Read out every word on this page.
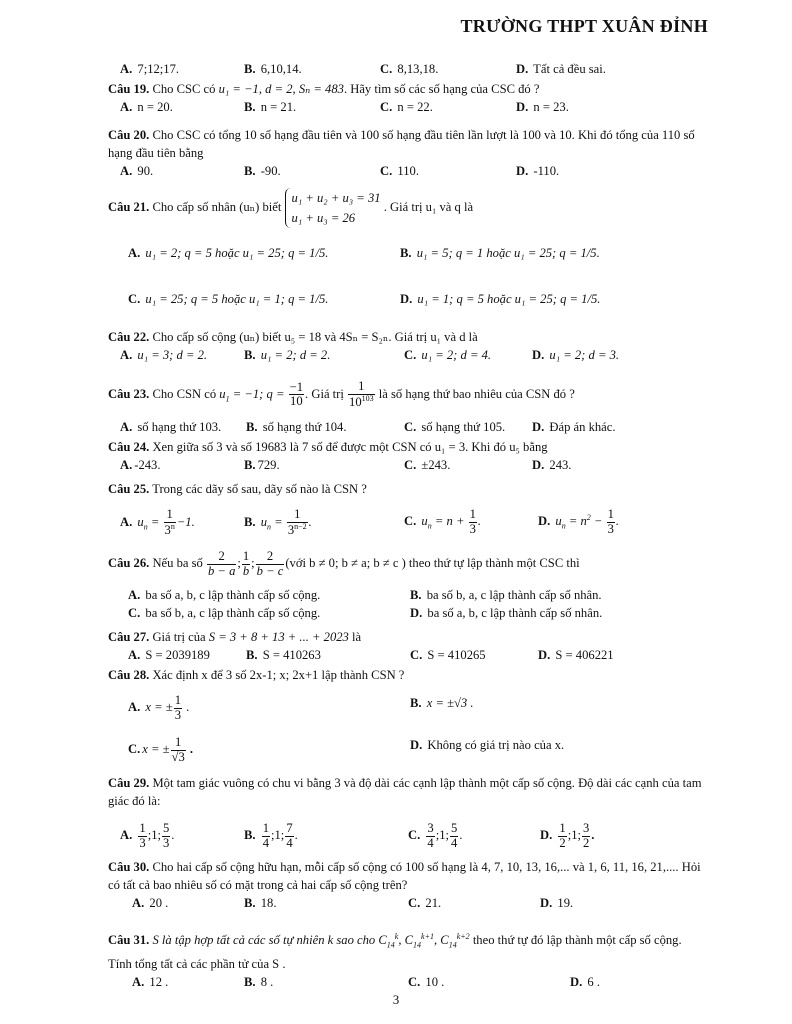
TRƯỜNG THPT XUÂN ĐỈNH
A. 7;12;17.	B. 6,10,14.	C. 8,13,18.	D. Tất cả đều sai.
Câu 19. Cho CSC có u₁ = −1, d = 2, Sₙ = 483. Hãy tìm số các số hạng của CSC đó ?
A. n = 20.	B. n = 21.	C. n = 22.	D. n = 23.
Câu 20. Cho CSC có tổng 10 số hạng đầu tiên và 100 số hạng đầu tiên lần lượt là 100 và 10. Khi đó tổng của 110 số hạng đầu tiên bằng
A. 90.	B. -90.	C. 110.	D. -110.
Câu 21. Cho cấp số nhân (uₙ) biết
u₁ + u₂ + u₃ = 31
u₁ + u₃ = 26
. Giá trị u₁ và q là
A. u₁ = 2; q = 5 hoặc u₁ = 25; q = 1/5.	B. u₁ = 5; q = 1 hoặc u₁ = 25; q = 1/5.
C. u₁ = 25; q = 5 hoặc u₁ = 1; q = 1/5.	D. u₁ = 1; q = 5 hoặc u₁ = 25; q = 1/5.
Câu 22. Cho cấp số cộng (uₙ) biết u₅ = 18 và 4Sₙ = S₂ₙ. Giá trị u₁ và d là
A. u₁ = 3; d = 2.	B. u₁ = 2; d = 2.	C. u₁ = 2; d = 4.	D. u₁ = 2; d = 3.
Câu 23. Cho CSN có $u_1 = -1$; $q = \frac{-1}{10}$ . Giá trị $\frac{1}{10^{103}}$ là số hạng thứ bao nhiêu của CSN đó ?
A. số hạng thứ 103. B. số hạng thứ 104.	C. số hạng thứ 105. D. Đáp án khác.
Câu 24. Xen giữa số 3 và số 19683 là 7 số để được một CSN có u₁ = 3. Khi đó u₅ bằng
A. -243.	B. 729.	C. ±243.	D. 243.
Câu 25. Trong các dãy số sau, dãy số nào là CSN ?
A. $u_n = \frac{1}{3^n} -1$.	B. $u_n = \frac{1}{3^{n-2}}$ .	C. $u_n = n + \frac{1}{3}$ .	D. $u_n = n^2 - \frac{1}{3}$ .
Câu 26. Nếu ba số $\frac{2}{b - a}$ ; $\frac{1}{b}$ ; $\frac{2}{b - c}$ (với b ≠ 0; b ≠ a; b ≠ c ) theo thứ tự lập thành một CSC thì
A. ba số a, b, c lập thành cấp số cộng.	B. ba số b, a, c lập thành cấp số nhân.
C. ba số b, a, c lập thành cấp số cộng.	D. ba số a, b, c lập thành cấp số nhân.
Câu 27. Giá trị của S = 3 + 8 + 13 + ... + 2023 là
A. S = 2039189	B. S = 410263	C. S = 410265	D. S = 406221
Câu 28. Xác định x để 3 số 2x-1; x; 2x+1 lập thành CSN ?
A. x = ± $\frac{1}{3}$ .	B. x = ±√3 .
C. x = ± $\frac{1}{√3}$ .	D. Không có giá trị nào của x.
Câu 29. Một tam giác vuông có chu vi bằng 3 và độ dài các cạnh lập thành một cấp số cộng. Độ dài các cạnh của tam giác đó là:
A. $\frac{1}{3}$ ;1; $\frac{5}{3}$ .	B. $\frac{1}{4}$ ;1; $\frac{7}{4}$ .	C. $\frac{3}{4}$ ;1; $\frac{5}{4}$ .	D. $\frac{1}{2}$ ;1; $\frac{3}{2}$ .
Câu 30. Cho hai cấp số cộng hữu hạn, mỗi cấp số cộng có 100 số hạng là 4, 7, 10, 13, 16,... và 1, 6, 11, 16, 21,.... Hỏi có tất cả bao nhiêu số có mặt trong cả hai cấp số cộng trên?
A. 20 .	B. 18.	C. 21.	D. 19.
Câu 31. S là tập hợp tất cả các số tự nhiên k sao cho $C_{14}^k$, $C_{14}^{k+1}$, $C_{14}^{k+2}$ theo thứ tự đó lập thành một cấp số cộng. Tính tổng tất cả các phần tử của S .
A. 12 .	B. 8 .	C. 10 .	D. 6 .
3
